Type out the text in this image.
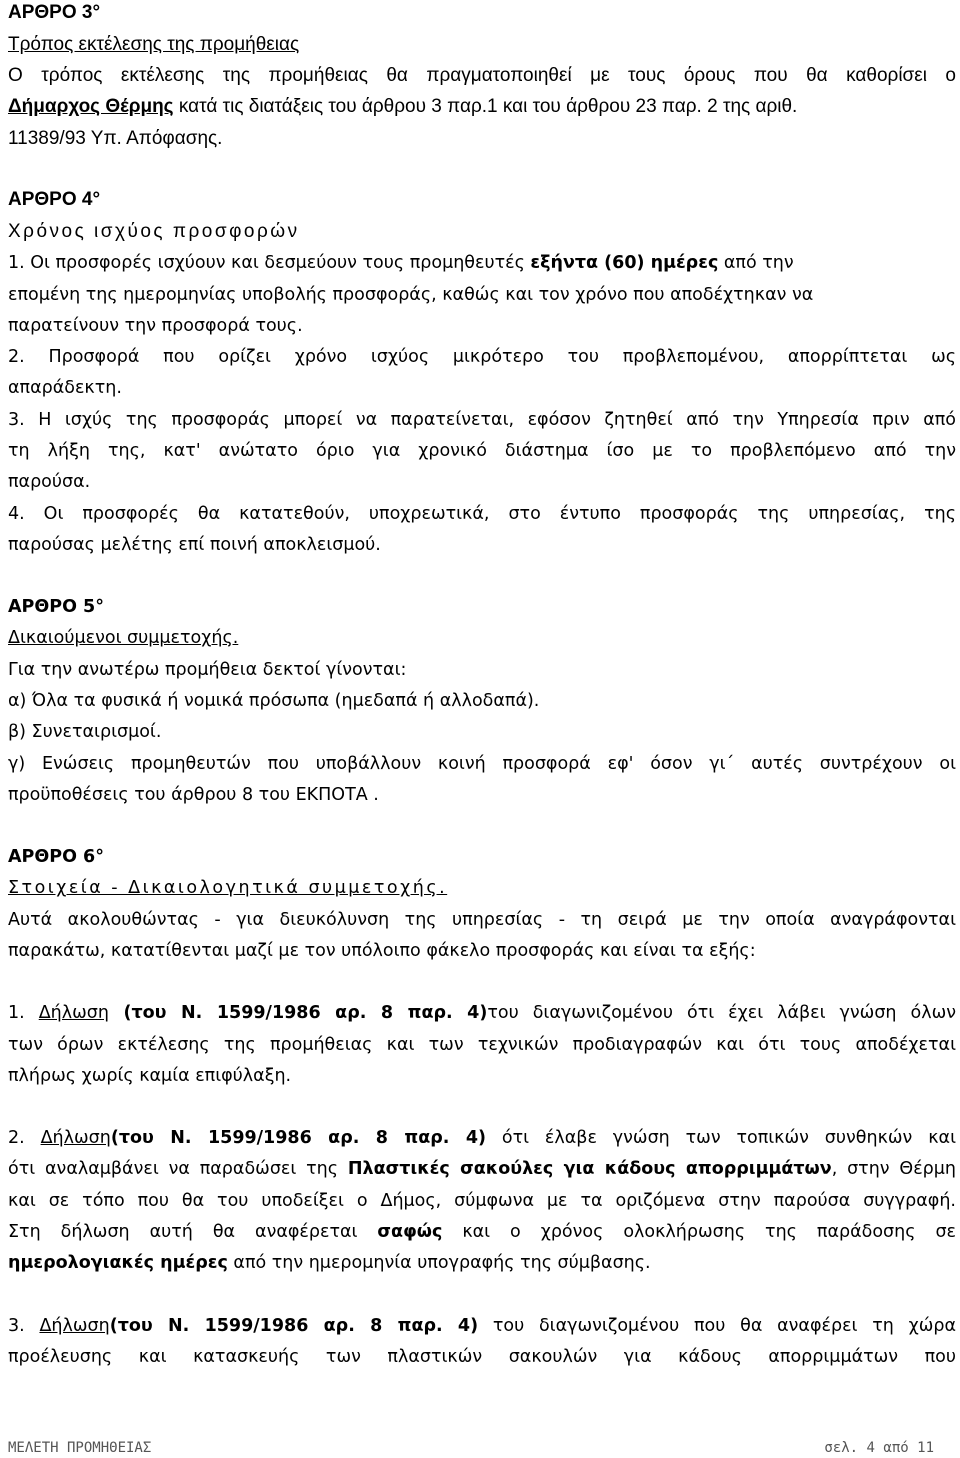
ΑΡΘΡΟ 3°
Τρόπος εκτέλεσης της προμήθειας
Ο τρόπος εκτέλεσης της προμήθειας θα πραγματοποιηθεί με τους όρους που θα καθορίσει ο
Δήμαρχος Θέρμης κατά τις διατάξεις του άρθρου 3 παρ.1 και του άρθρου 23 παρ. 2 της αριθ.
11389/93 Υπ. Απόφασης.
ΑΡΘΡΟ 4°
Χρόνος ισχύος προσφορών
1. Οι προσφορές ισχύουν και δεσμεύουν τους προμηθευτές εξήντα (60) ημέρες από την
επομένη της ημερομηνίας υποβολής προσφοράς, καθώς και τον χρόνο που αποδέχτηκαν να
παρατείνουν την προσφορά τους.
2. Προσφορά που ορίζει χρόνο ισχύος μικρότερο του προβλεπομένου, απορρίπτεται ως
απαράδεκτη.
3. Η ισχύς της προσφοράς μπορεί να παρατείνεται, εφόσον ζητηθεί από την Υπηρεσία πριν από
τη λήξη της, κατ' ανώτατο όριο για χρονικό διάστημα ίσο με το προβλεπόμενο από την
παρούσα.
4. Οι προσφορές θα κατατεθούν, υποχρεωτικά, στο έντυπο προσφοράς της υπηρεσίας, της
παρούσας μελέτης επί ποινή αποκλεισμού.
ΑΡΘΡΟ 5°
Δικαιούμενοι συμμετοχής.
Για την ανωτέρω προμήθεια δεκτοί γίνονται:
α) Όλα τα φυσικά ή νομικά πρόσωπα (ημεδαπά ή αλλοδαπά).
β) Συνεταιρισμοί.
γ) Ενώσεις προμηθευτών που υποβάλλουν κοινή προσφορά εφ' όσον γι΄ αυτές συντρέχουν οι
προϋποθέσεις του άρθρου 8 του ΕΚΠΟΤΑ .
ΑΡΘΡΟ 6°
Στοιχεία - Δικαιολογητικά συμμετοχής.
Αυτά ακολουθώντας - για διευκόλυνση της υπηρεσίας - τη σειρά με την οποία αναγράφονται
παρακάτω, κατατίθενται μαζί με τον υπόλοιπο φάκελο προσφοράς και είναι τα εξής:
1. Δήλωση (του Ν. 1599/1986 αρ. 8 παρ. 4)του διαγωνιζομένου ότι έχει λάβει γνώση όλων
των όρων εκτέλεσης της προμήθειας και των τεχνικών προδιαγραφών και ότι τους αποδέχεται
πλήρως χωρίς καμία επιφύλαξη.
2. Δήλωση(του Ν. 1599/1986 αρ. 8 παρ. 4) ότι έλαβε γνώση των τοπικών συνθηκών και
ότι αναλαμβάνει να παραδώσει της Πλαστικές σακούλες για κάδους απορριμμάτων, στην Θέρμη
και σε τόπο που θα του υποδείξει ο Δήμος, σύμφωνα με τα οριζόμενα στην παρούσα συγγραφή.
Στη δήλωση αυτή θα αναφέρεται σαφώς και ο χρόνος ολοκλήρωσης της παράδοσης σε
ημερολογιακές ημέρες από την ημερομηνία υπογραφής της σύμβασης.
3. Δήλωση(του Ν. 1599/1986 αρ. 8 παρ. 4) του διαγωνιζομένου που θα αναφέρει τη χώρα
προέλευσης και κατασκευής των πλαστικών σακουλών για κάδους απορριμμάτων που
ΜΕΛΕΤΗ ΠΡΟΜΗΘΕΙΑΣ	σελ. 4 από 11
